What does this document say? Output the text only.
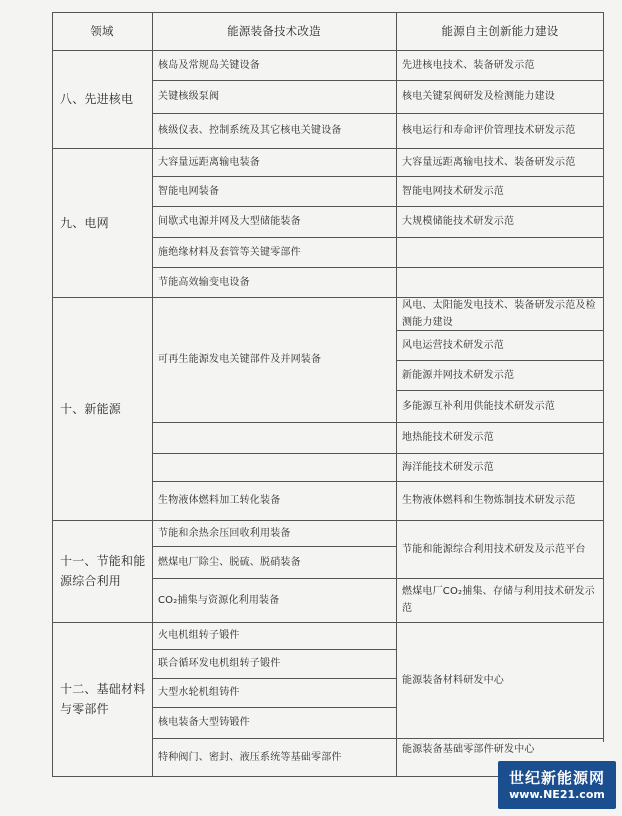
领域	能源装备技术改造	能源自主创新能力建设
八、先进核电
核岛及常规岛关键设备
关键核级泵阀
核级仪表、控制系统及其它核电关键设备
先进核电技术、装备研发示范
核电关键泵阀研发及检测能力建设
核电运行和寿命评价管理技术研发示范
九、电网
大容量远距离输电装备
智能电网装备
间歇式电源并网及大型储能装备
施绝缘材料及套管等关键零部件
节能高效输变电设备
大容量远距离输电技术、装备研发示范
智能电网技术研发示范
大规模储能技术研发示范
十、新能源
可再生能源发电关键部件及并网装备
生物液体燃料加工转化装备
风电、太阳能发电技术、装备研发示范及检测能力建设
风电运营技术研发示范
新能源并网技术研发示范
多能源互补利用供能技术研发示范
地热能技术研发示范
海洋能技术研发示范
生物液体燃料和生物炼制技术研发示范
十一、节能和能源综合利用
节能和余热余压回收利用装备
燃煤电厂除尘、脱硫、脱硝装备
CO₂捕集与资源化利用装备
节能和能源综合利用技术研发及示范平台
燃煤电厂CO₂捕集、存储与利用技术研发示范
十二、基础材料与零部件
火电机组转子锻件
联合循环发电机组转子锻件
大型水轮机组铸件
核电装备大型铸锻件
特种阀门、密封、液压系统等基础零部件
能源装备材料研发中心
能源装备基础零部件研发中心
世纪新能源网
www.NE21.com
